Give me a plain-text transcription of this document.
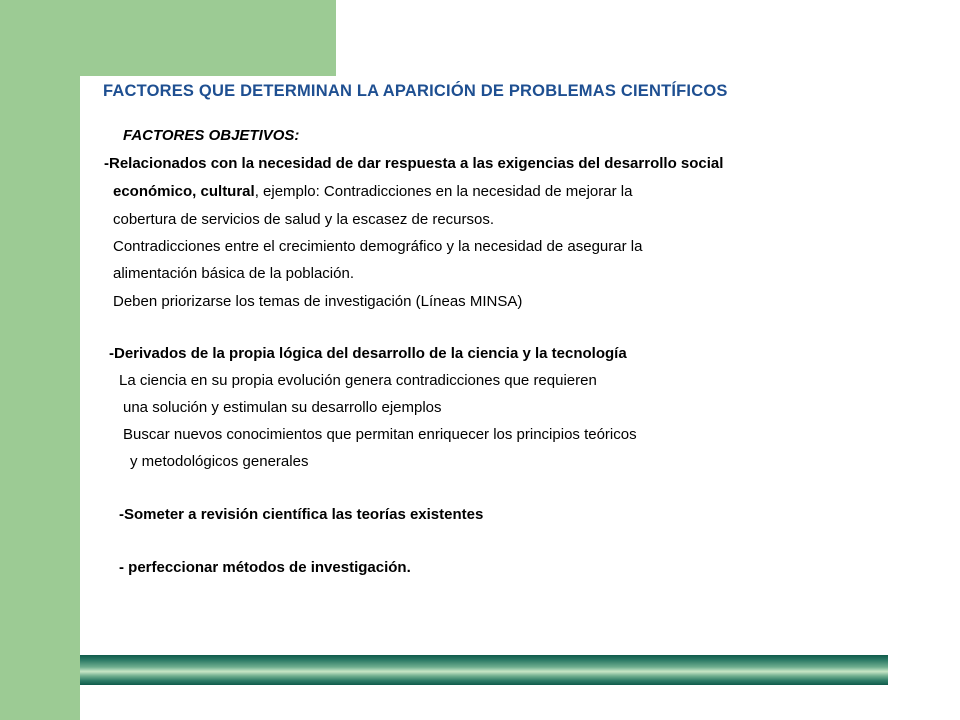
FACTORES QUE DETERMINAN LA APARICIÓN DE PROBLEMAS CIENTÍFICOS

FACTORES OBJETIVOS:

-Relacionados con la necesidad de dar respuesta a las exigencias del desarrollo social

económico, cultural, ejemplo: Contradicciones en la necesidad de mejorar la

cobertura de servicios de salud y la escasez de recursos.

Contradicciones entre el crecimiento demográfico y la necesidad de asegurar la

alimentación básica de la población.

Deben priorizarse los temas de investigación (Líneas MINSA)

-Derivados de la propia lógica del desarrollo de la ciencia y la tecnología

La ciencia en su propia evolución genera contradicciones que requieren

una solución y estimulan su desarrollo ejemplos

Buscar nuevos conocimientos que permitan enriquecer los principios teóricos

y metodológicos generales

-Someter a revisión científica las teorías existentes

- perfeccionar métodos de investigación.
